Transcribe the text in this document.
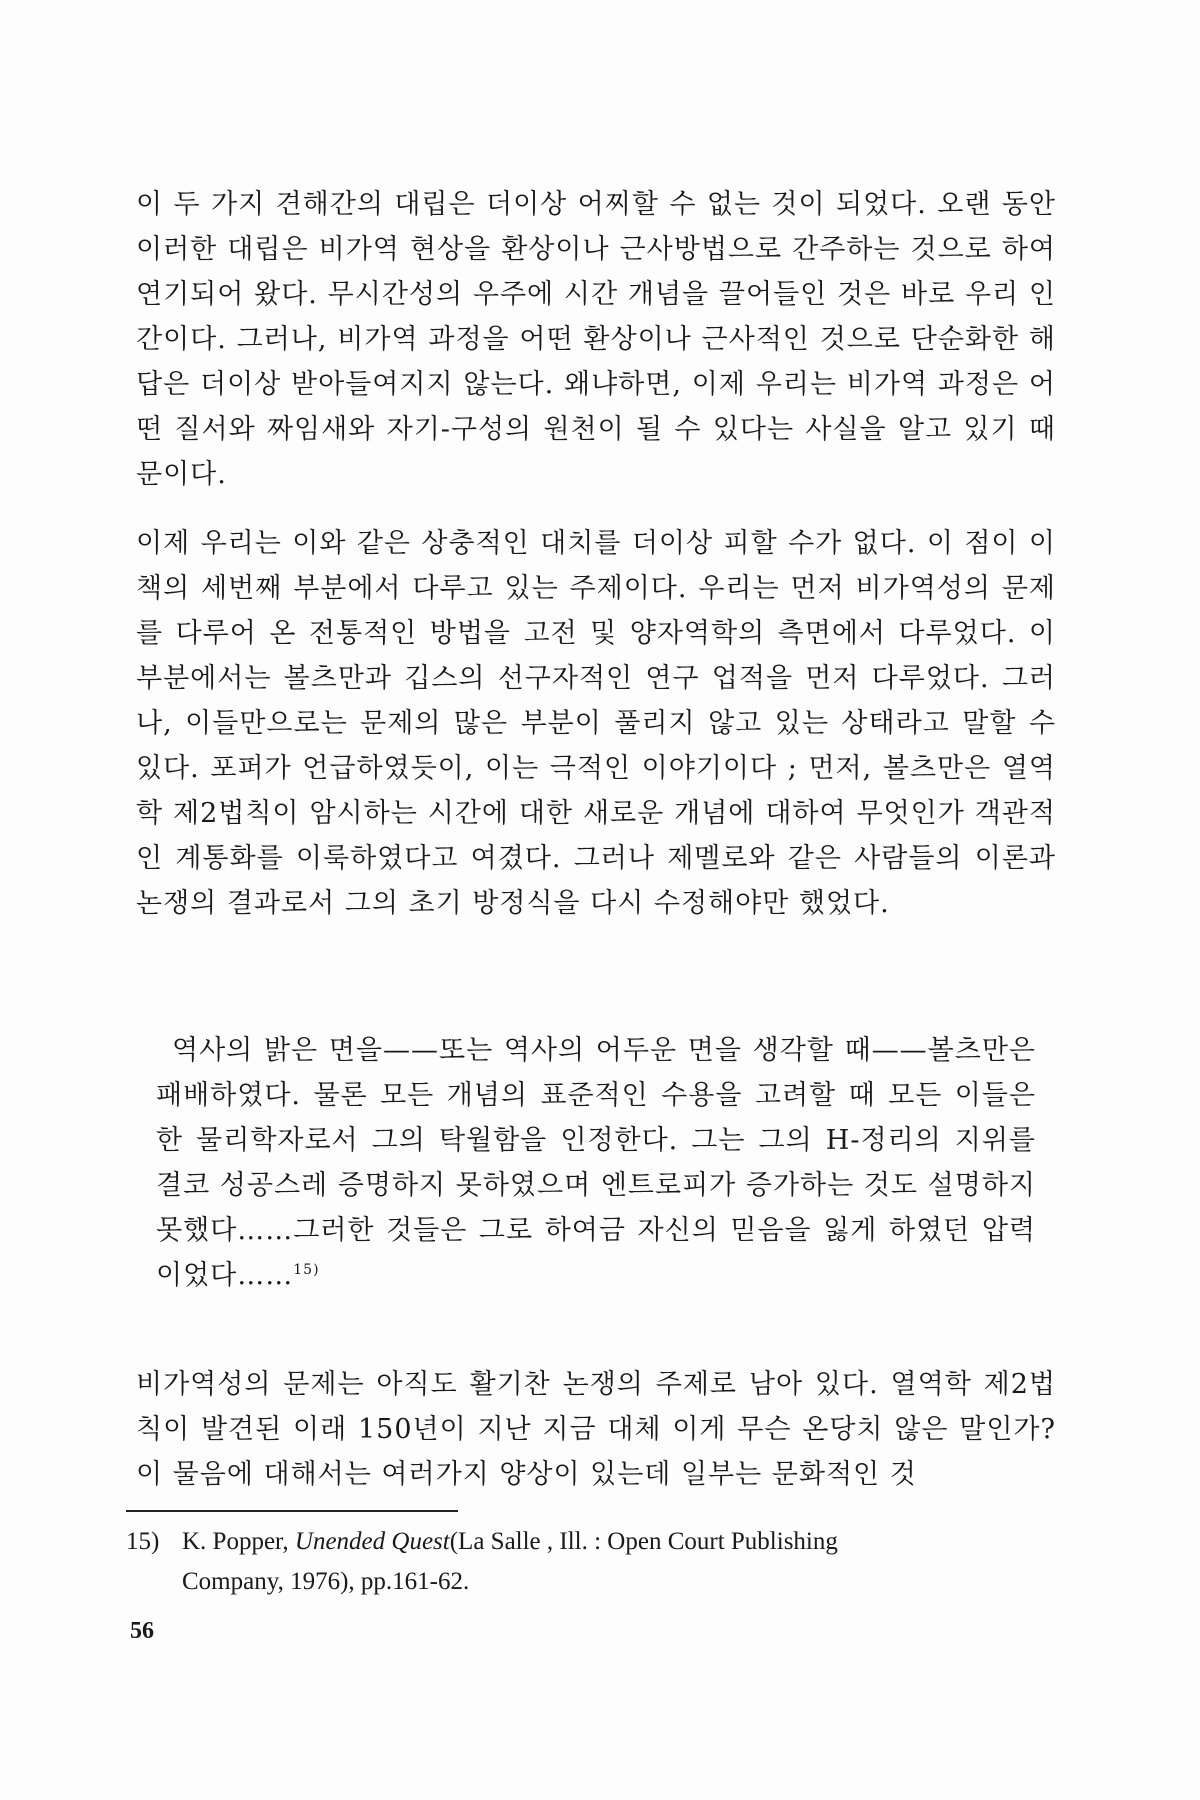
이 두 가지 견해간의 대립은 더이상 어찌할 수 없는 것이 되었다. 오랜 동안 이러한 대립은 비가역 현상을 환상이나 근사방법으로 간주하는 것으로 하여 연기되어 왔다. 무시간성의 우주에 시간 개념을 끌어들인 것은 바로 우리 인간이다. 그러나, 비가역 과정을 어떤 환상이나 근사적인 것으로 단순화한 해답은 더이상 받아들여지지 않는다. 왜냐하면, 이제 우리는 비가역 과정은 어떤 질서와 짜임새와 자기-구성의 원천이 될 수 있다는 사실을 알고 있기 때문이다.

이제 우리는 이와 같은 상충적인 대치를 더이상 피할 수가 없다. 이 점이 이 책의 세번째 부분에서 다루고 있는 주제이다. 우리는 먼저 비가역성의 문제를 다루어 온 전통적인 방법을 고전 및 양자역학의 측면에서 다루었다. 이 부분에서는 볼츠만과 깁스의 선구자적인 연구 업적을 먼저 다루었다. 그러나, 이들만으로는 문제의 많은 부분이 풀리지 않고 있는 상태라고 말할 수 있다. 포퍼가 언급하였듯이, 이는 극적인 이야기이다 ; 먼저, 볼츠만은 열역학 제2법칙이 암시하는 시간에 대한 새로운 개념에 대하여 무엇인가 객관적인 계통화를 이룩하였다고 여겼다. 그러나 제멜로와 같은 사람들의 이론과 논쟁의 결과로서 그의 초기 방정식을 다시 수정해야만 했었다.

역사의 밝은 면을——또는 역사의 어두운 면을 생각할 때——볼츠만은 패배하였다. 물론 모든 개념의 표준적인 수용을 고려할 때 모든 이들은 한 물리학자로서 그의 탁월함을 인정한다. 그는 그의 H-정리의 지위를 결코 성공스레 증명하지 못하였으며 엔트로피가 증가하는 것도 설명하지 못했다……그러한 것들은 그로 하여금 자신의 믿음을 잃게 하였던 압력이었다……$^{15)}$

비가역성의 문제는 아직도 활기찬 논쟁의 주제로 남아 있다. 열역학 제2법칙이 발견된 이래 150년이 지난 지금 대체 이게 무슨 온당치 않은 말인가? 이 물음에 대해서는 여러가지 양상이 있는데 일부는 문화적인 것

15) K. Popper, Unended Quest(La Salle , Ill. : Open Court Publishing
Company, 1976), pp.161-62.
56
